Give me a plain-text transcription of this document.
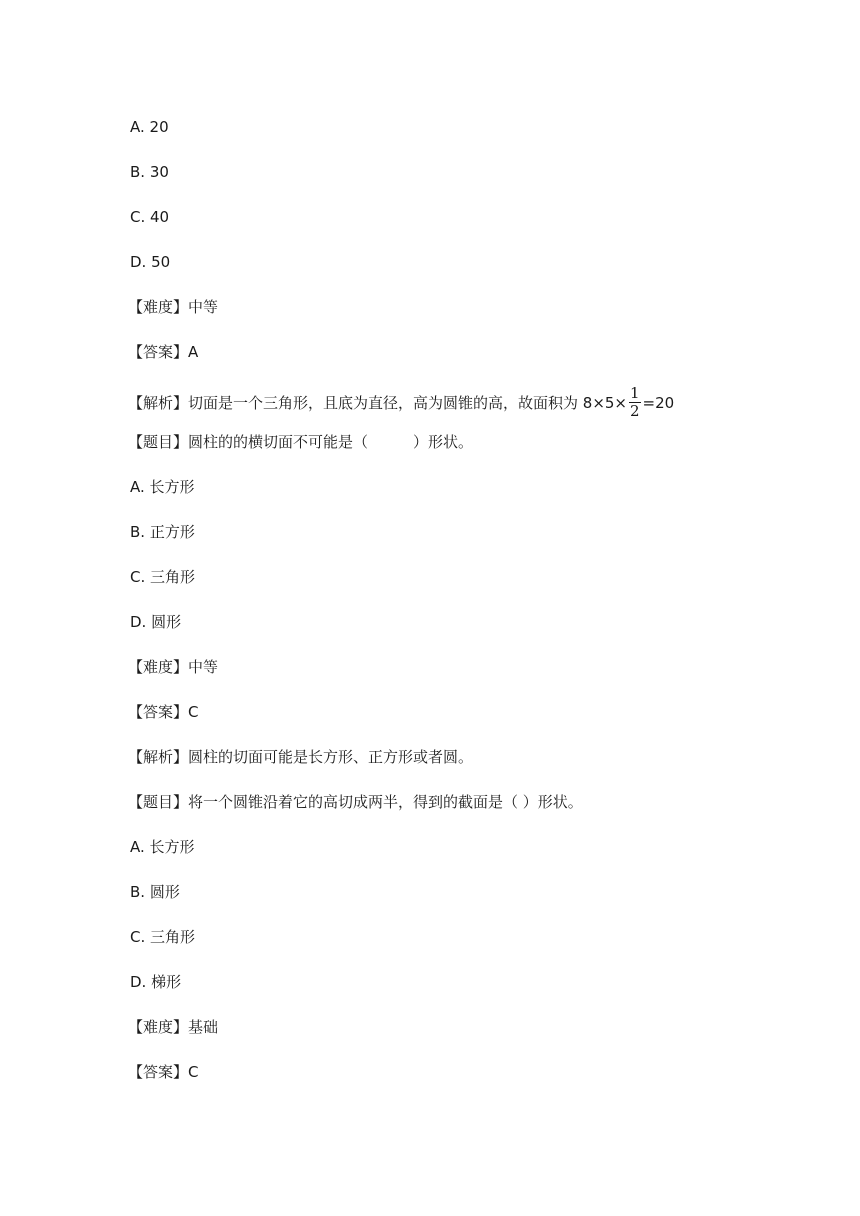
A. 20
B. 30
C. 40
D. 50
【难度】中等
【答案】A
【解析】切面是一个三角形，且底为直径，高为圆锥的高，故面积为 $8\times 5\times \frac{1}{2} =20$
【题目】圆柱的的横切面不可能是（　　　）形状。
A. 长方形
B. 正方形
C. 三角形
D. 圆形
【难度】中等
【答案】C
【解析】圆柱的切面可能是长方形、正方形或者圆。
【题目】将一个圆锥沿着它的高切成两半，得到的截面是（ ）形状。
A. 长方形
B. 圆形
C. 三角形
D. 梯形
【难度】基础
【答案】C
